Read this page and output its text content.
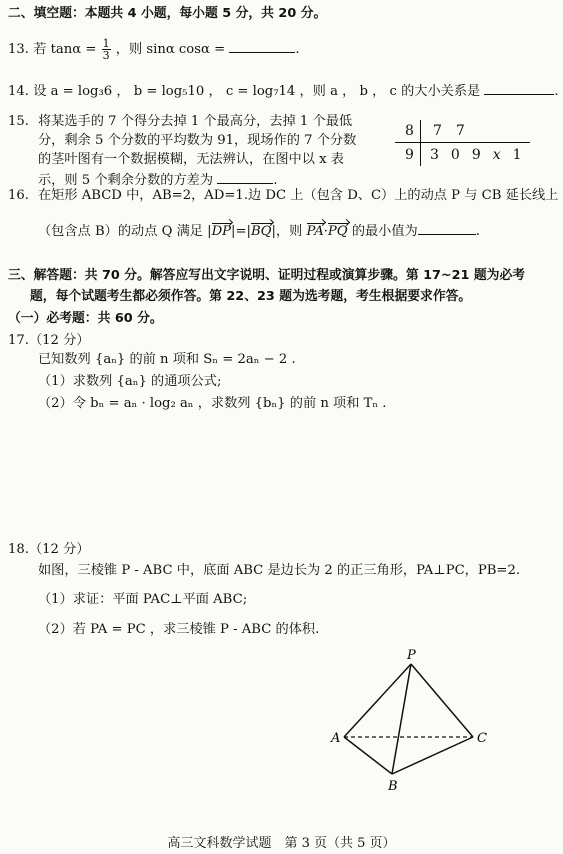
二、填空题：本题共 4 小题，每小题 5 分，共 20 分。
13. 若 $\tan\alpha = \frac{1}{3}$ ，则 sinα cosα =	.
14. 设 a = log₃6 ， b = log₅10 ， c = log₇14 ，则 a ， b ， c 的大小关系是	.
15. 将某选手的 7 个得分去掉 1 个最高分，去掉 1 个最低
分，剩余 5 个分数的平均数为 91，现场作的 7 个分数
的茎叶图有一个数据模糊，无法辨认，在图中以 x 表
示，则 5 个剩余分数的方差为	.
8 7 7
9 3 0 9 x 1
16. 在矩形 ABCD 中，AB=2，AD=1.边 DC 上（包含 D、C）上的动点 P 与 CB 延长线上
（包含点 B）的动点 Q 满足 |DP|=|BQ|，则 PA·PQ 的最小值为	.
三、解答题：共 70 分。解答应写出文字说明、证明过程或演算步骤。第 17~21 题为必考
题，每个试题考生都必须作答。第 22、23 题为选考题，考生根据要求作答。
（一）必考题：共 60 分。
17.（12 分）
已知数列 {aₙ} 的前 n 项和 Sₙ = 2aₙ − 2 .
（1）求数列 {aₙ} 的通项公式;
（2）令 bₙ = aₙ · log₂ aₙ ，求数列 {bₙ} 的前 n 项和 Tₙ .
18.（12 分）
如图，三棱锥 P - ABC 中，底面 ABC 是边长为 2 的正三角形，PA⊥PC，PB=2.
（1）求证：平面 PAC⊥平面 ABC;
（2）若 PA = PC ，求三棱锥 P - ABC 的体积.
P
A	C
B
高三文科数学试题　第 3 页（共 5 页）
